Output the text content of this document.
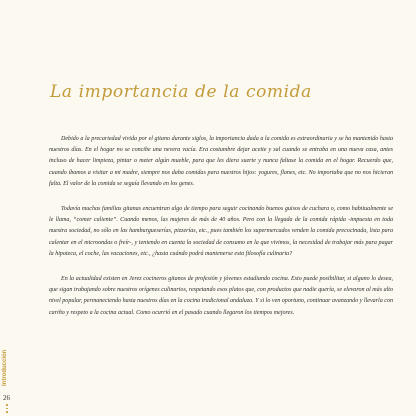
La importancia de la comida

Debido a la precariedad vivida por el gitano durante siglos, la importancia dada a la comida es extraordinaria y se ha mantenido hasta nuestros días. En el hogar no se concibe una nevera vacía. Era costumbre dejar aceite y sal cuando se entraba en una nueva casa, antes incluso de hacer limpieza, pintar o meter algún mueble, para que les diera suerte y nunca faltase la comida en el hogar. Recuerdo que, cuando íbamos a visitar a mi madre, siempre nos daba comidas para nuestros hijos: yogures, flanes, etc. No importaba que no nos hicieran falta. El valor de la comida se seguía llevando en los genes.

Todavía muchas familias gitanas encuentran algo de tiempo para seguir cocinando buenos guisos de cuchara o, como habitualmente se le llama, “comer caliente”. Cuando menos, las mujeres de más de 40 años. Pero con la llegada de la comida rápida -impuesta en toda nuestra sociedad, no sólo en las hamburgueserías, pizzerías, etc., pues también los supermercados venden la comida precocinada, lista para calentar en el microondas o freír-, y teniendo en cuenta la sociedad de consumo en la que vivimos, la necesidad de trabajar más para pagar la hipoteca, el coche, las vacaciones, etc., ¿hasta cuándo podrá mantenerse esta filosofía culinaria?

En la actualidad existen en Jerez cocineros gitanos de profesión y jóvenes estudiando cocina. Esto puede posibilitar, si alguno lo desea, que sigan trabajando sobre nuestros orígenes culinarios, respetando esos platos que, con productos que nadie quería, se elevaron al más alto nivel popular, permaneciendo hasta nuestros días en la cocina tradicional andaluza. Y si lo ven oportuno, continuar avanzando y llevarla con cariño y respeto a la cocina actual. Como ocurrió en el pasado cuando llegaron los tiempos mejores.

Introducción
26
